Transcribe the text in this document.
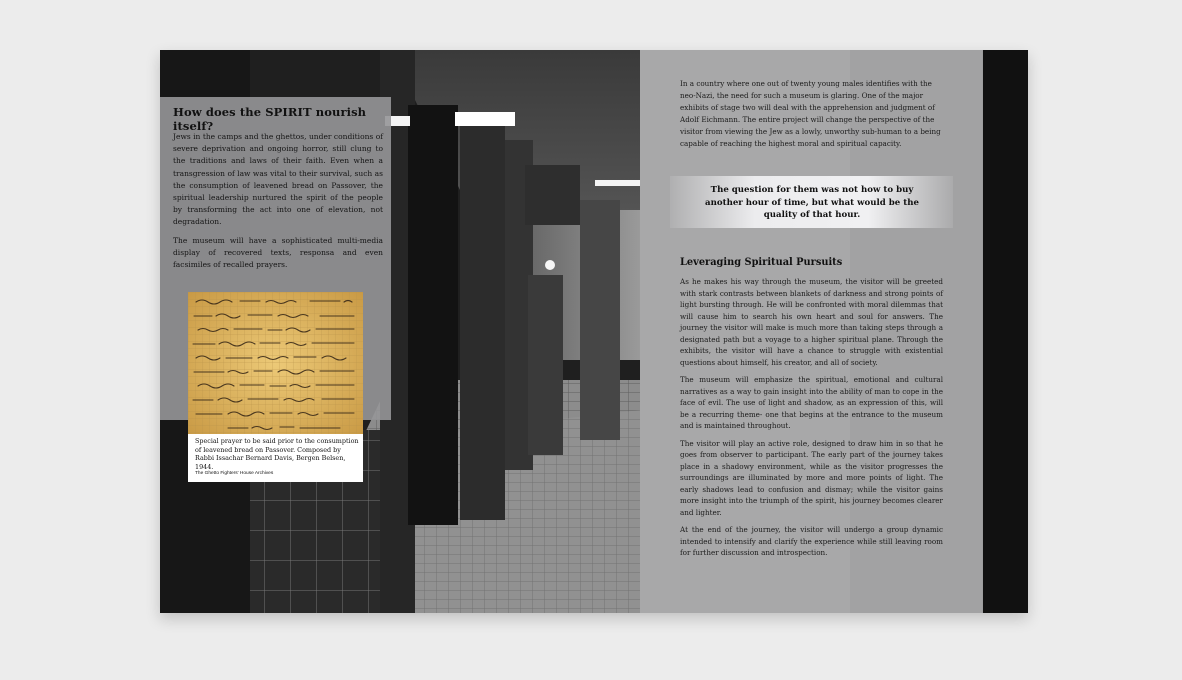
How does the SPIRIT nourish itself?

Jews in the camps and the ghettos, under conditions of severe deprivation and ongoing horror, still clung to the traditions and laws of their faith. Even when a transgression of law was vital to their survival, such as the consumption of leavened bread on Passover, the spiritual leadership nurtured the spirit of the people by transforming the act into one of elevation, not degradation.

The museum will have a sophisticated multi-media display of recovered texts, responsa and even facsimiles of recalled prayers.

Special prayer to be said prior to the consumption of leavened bread on Passover. Composed by Rabbi Issachar Bernard Davis, Bergen Belsen, 1944.
The Ghetto Fighters' House Archives

In a country where one out of twenty young males identifies with the neo-Nazi, the need for such a museum is glaring. One of the major exhibits of stage two will deal with the apprehension and judgment of Adolf Eichmann. The entire project will change the perspective of the visitor from viewing the Jew as a lowly, unworthy sub-human to a being capable of reaching the highest moral and spiritual capacity.

The question for them was not how to buy another hour of time, but what would be the quality of that hour.
Leveraging Spiritual Pursuits

As he makes his way through the museum, the visitor will be greeted with stark contrasts between blankets of darkness and strong points of light bursting through. He will be confronted with moral dilemmas that will cause him to search his own heart and soul for answers. The journey the visitor will make is much more than taking steps through a designated path but a voyage to a higher spiritual plane. Through the exhibits, the visitor will have a chance to struggle with existential questions about himself, his creator, and all of society.

The museum will emphasize the spiritual, emotional and cultural narratives as a way to gain insight into the ability of man to cope in the face of evil. The use of light and shadow, as an expression of this, will be a recurring theme- one that begins at the entrance to the museum and is maintained throughout.

The visitor will play an active role, designed to draw him in so that he goes from observer to participant. The early part of the journey takes place in a shadowy environment, while as the visitor progresses the surroundings are illuminated by more and more points of light. The early shadows lead to confusion and dismay; while the visitor gains more insight into the triumph of the spirit, his journey becomes clearer and lighter.

At the end of the journey, the visitor will undergo a group dynamic intended to intensify and clarify the experience while still leaving room for further discussion and introspection.
